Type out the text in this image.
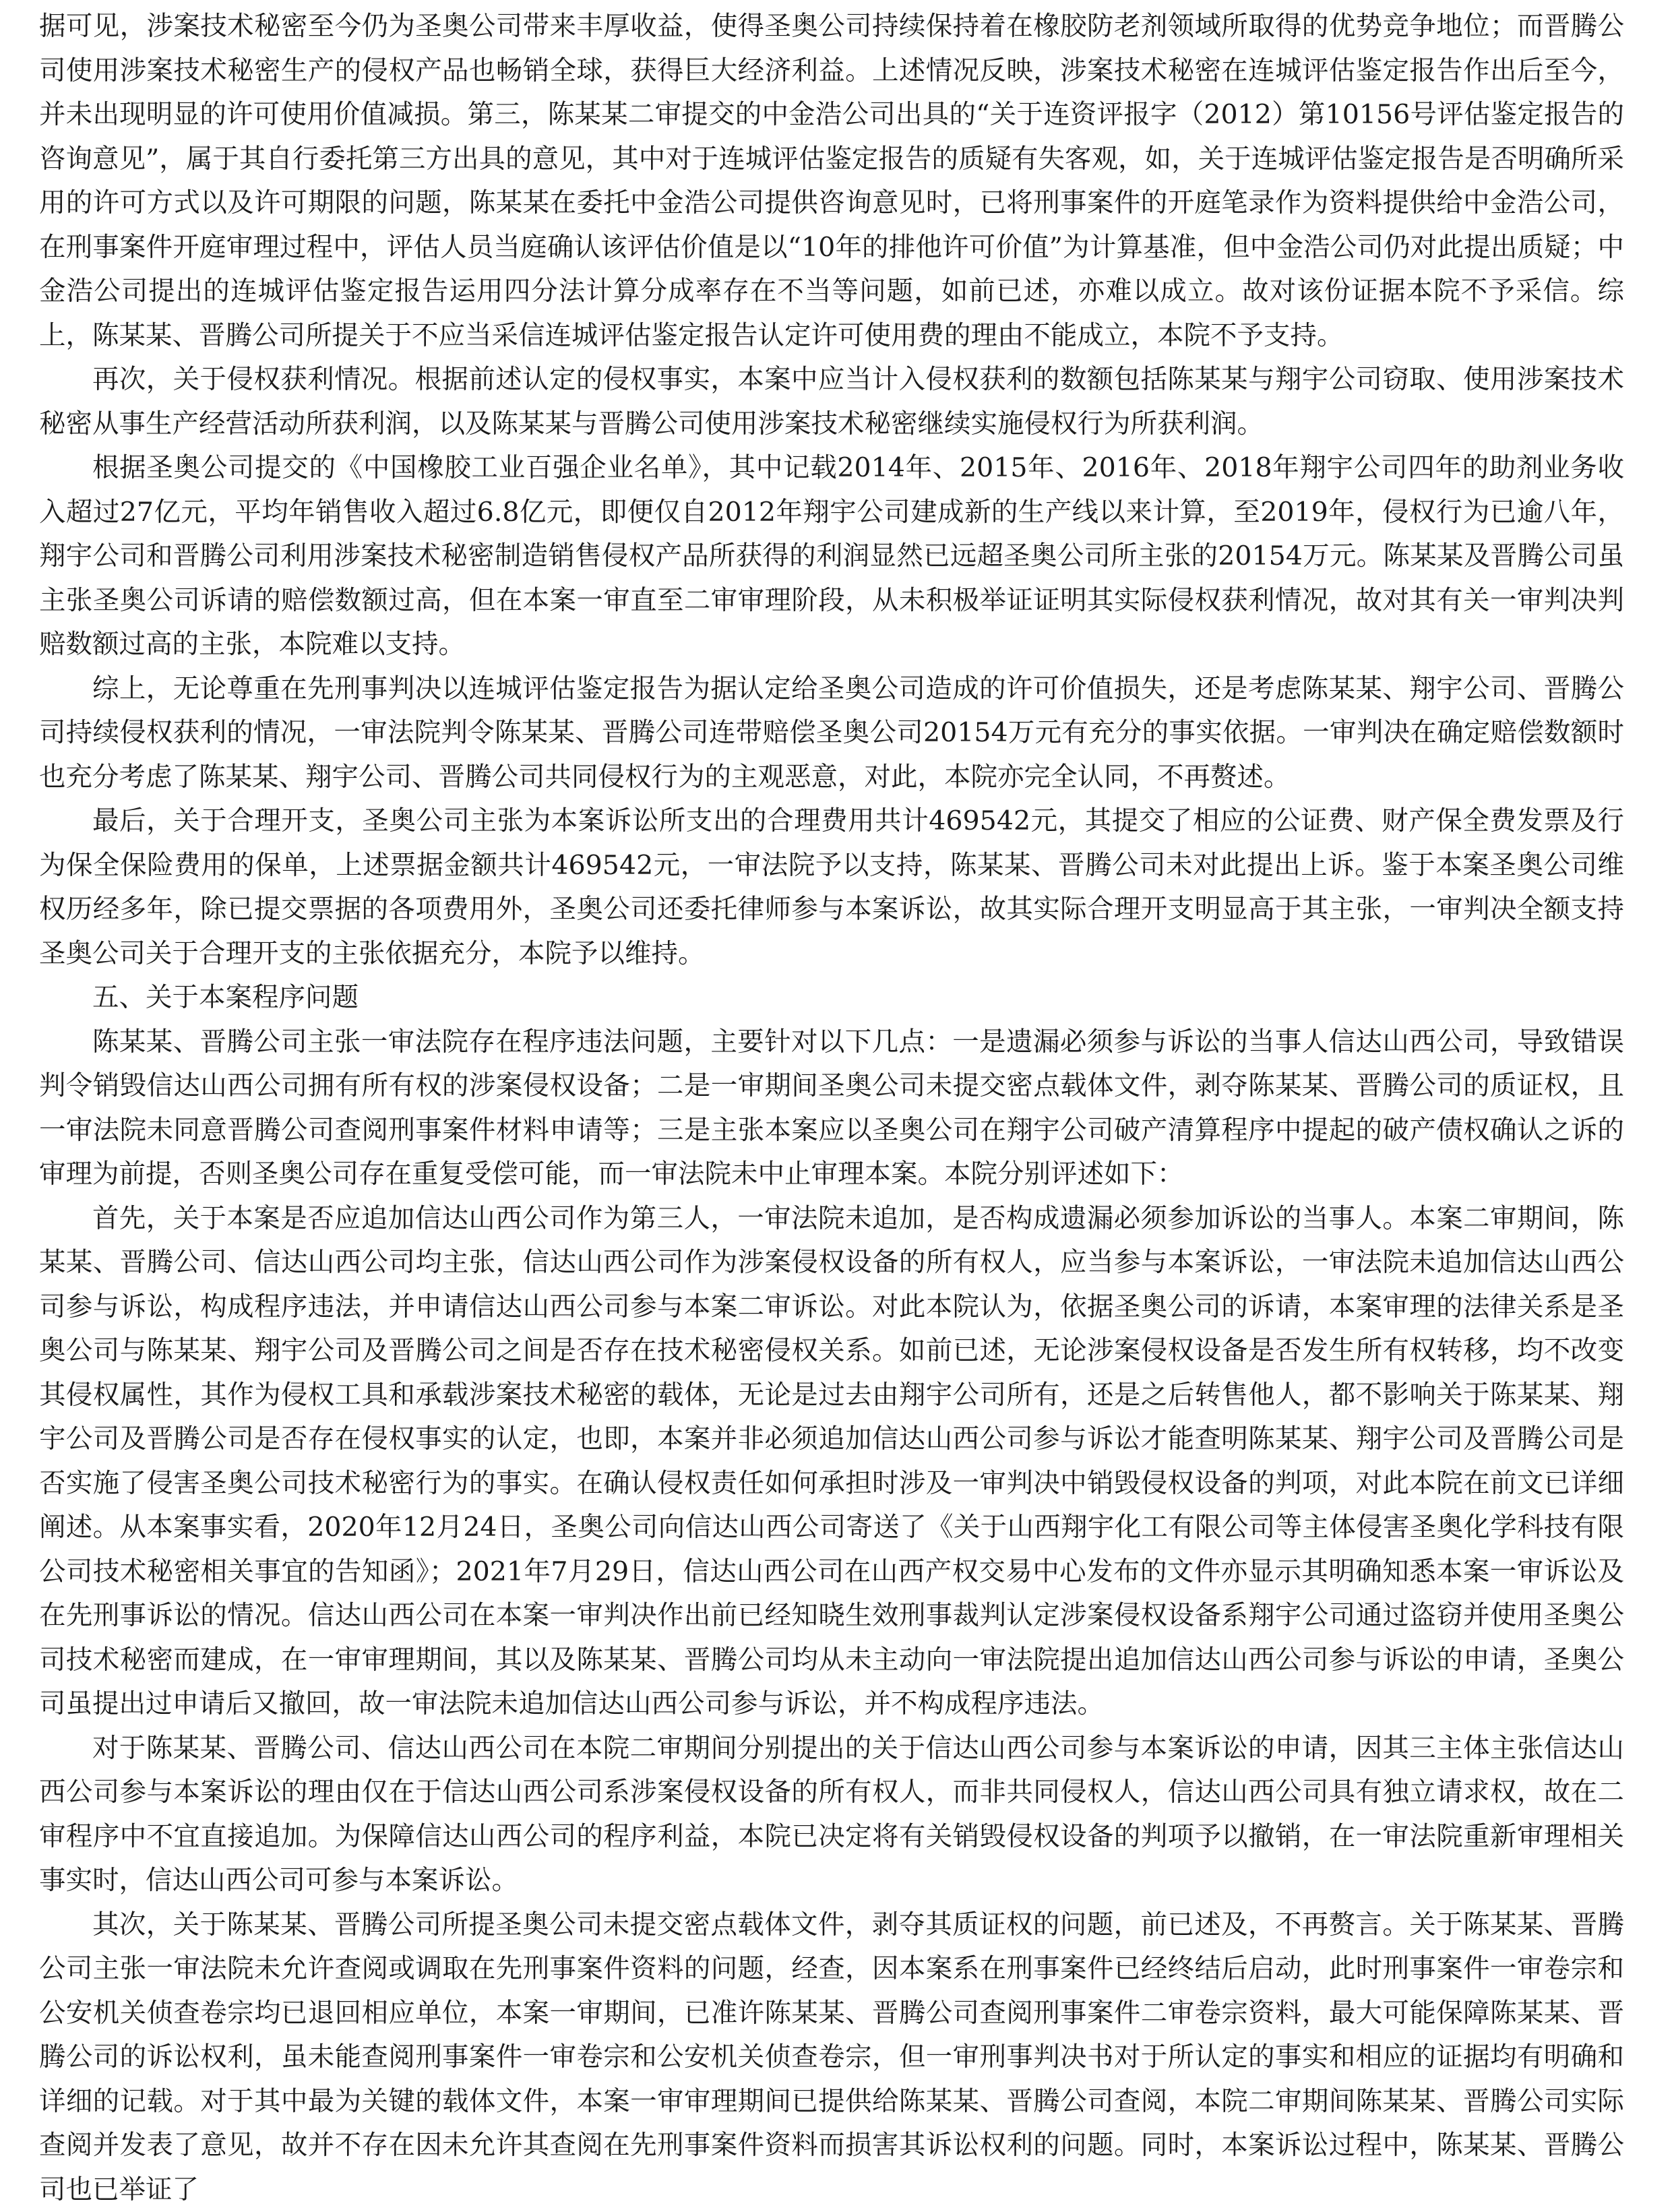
据可见，涉案技术秘密至今仍为圣奥公司带来丰厚收益，使得圣奥公司持续保持着在橡胶防老剂领域所取得的优势竞争地位；而晋腾公司使用涉案技术秘密生产的侵权产品也畅销全球，获得巨大经济利益。上述情况反映，涉案技术秘密在连城评估鉴定报告作出后至今，并未出现明显的许可使用价值减损。第三，陈某某二审提交的中金浩公司出具的“关于连资评报字（2012）第10156号评估鉴定报告的咨询意见”，属于其自行委托第三方出具的意见，其中对于连城评估鉴定报告的质疑有失客观，如，关于连城评估鉴定报告是否明确所采用的许可方式以及许可期限的问题，陈某某在委托中金浩公司提供咨询意见时，已将刑事案件的开庭笔录作为资料提供给中金浩公司，在刑事案件开庭审理过程中，评估人员当庭确认该评估价值是以“10年的排他许可价值”为计算基准，但中金浩公司仍对此提出质疑；中金浩公司提出的连城评估鉴定报告运用四分法计算分成率存在不当等问题，如前已述，亦难以成立。故对该份证据本院不予采信。综上，陈某某、晋腾公司所提关于不应当采信连城评估鉴定报告认定许可使用费的理由不能成立，本院不予支持。

再次，关于侵权获利情况。根据前述认定的侵权事实，本案中应当计入侵权获利的数额包括陈某某与翔宇公司窃取、使用涉案技术秘密从事生产经营活动所获利润，以及陈某某与晋腾公司使用涉案技术秘密继续实施侵权行为所获利润。

根据圣奥公司提交的《中国橡胶工业百强企业名单》，其中记载2014年、2015年、2016年、2018年翔宇公司四年的助剂业务收入超过27亿元，平均年销售收入超过6.8亿元，即便仅自2012年翔宇公司建成新的生产线以来计算，至2019年，侵权行为已逾八年，翔宇公司和晋腾公司利用涉案技术秘密制造销售侵权产品所获得的利润显然已远超圣奥公司所主张的20154万元。陈某某及晋腾公司虽主张圣奥公司诉请的赔偿数额过高，但在本案一审直至二审审理阶段，从未积极举证证明其实际侵权获利情况，故对其有关一审判决判赔数额过高的主张，本院难以支持。

综上，无论尊重在先刑事判决以连城评估鉴定报告为据认定给圣奥公司造成的许可价值损失，还是考虑陈某某、翔宇公司、晋腾公司持续侵权获利的情况，一审法院判令陈某某、晋腾公司连带赔偿圣奥公司20154万元有充分的事实依据。一审判决在确定赔偿数额时也充分考虑了陈某某、翔宇公司、晋腾公司共同侵权行为的主观恶意，对此，本院亦完全认同，不再赘述。

最后，关于合理开支，圣奥公司主张为本案诉讼所支出的合理费用共计469542元，其提交了相应的公证费、财产保全费发票及行为保全保险费用的保单，上述票据金额共计469542元，一审法院予以支持，陈某某、晋腾公司未对此提出上诉。鉴于本案圣奥公司维权历经多年，除已提交票据的各项费用外，圣奥公司还委托律师参与本案诉讼，故其实际合理开支明显高于其主张，一审判决全额支持圣奥公司关于合理开支的主张依据充分，本院予以维持。

五、关于本案程序问题

陈某某、晋腾公司主张一审法院存在程序违法问题，主要针对以下几点：一是遗漏必须参与诉讼的当事人信达山西公司，导致错误判令销毁信达山西公司拥有所有权的涉案侵权设备；二是一审期间圣奥公司未提交密点载体文件，剥夺陈某某、晋腾公司的质证权，且一审法院未同意晋腾公司查阅刑事案件材料申请等；三是主张本案应以圣奥公司在翔宇公司破产清算程序中提起的破产债权确认之诉的审理为前提，否则圣奥公司存在重复受偿可能，而一审法院未中止审理本案。本院分别评述如下：

首先，关于本案是否应追加信达山西公司作为第三人，一审法院未追加，是否构成遗漏必须参加诉讼的当事人。本案二审期间，陈某某、晋腾公司、信达山西公司均主张，信达山西公司作为涉案侵权设备的所有权人，应当参与本案诉讼，一审法院未追加信达山西公司参与诉讼，构成程序违法，并申请信达山西公司参与本案二审诉讼。对此本院认为，依据圣奥公司的诉请，本案审理的法律关系是圣奥公司与陈某某、翔宇公司及晋腾公司之间是否存在技术秘密侵权关系。如前已述，无论涉案侵权设备是否发生所有权转移，均不改变其侵权属性，其作为侵权工具和承载涉案技术秘密的载体，无论是过去由翔宇公司所有，还是之后转售他人，都不影响关于陈某某、翔宇公司及晋腾公司是否存在侵权事实的认定，也即，本案并非必须追加信达山西公司参与诉讼才能查明陈某某、翔宇公司及晋腾公司是否实施了侵害圣奥公司技术秘密行为的事实。在确认侵权责任如何承担时涉及一审判决中销毁侵权设备的判项，对此本院在前文已详细阐述。从本案事实看，2020年12月24日，圣奥公司向信达山西公司寄送了《关于山西翔宇化工有限公司等主体侵害圣奥化学科技有限公司技术秘密相关事宜的告知函》；2021年7月29日，信达山西公司在山西产权交易中心发布的文件亦显示其明确知悉本案一审诉讼及在先刑事诉讼的情况。信达山西公司在本案一审判决作出前已经知晓生效刑事裁判认定涉案侵权设备系翔宇公司通过盗窃并使用圣奥公司技术秘密而建成，在一审审理期间，其以及陈某某、晋腾公司均从未主动向一审法院提出追加信达山西公司参与诉讼的申请，圣奥公司虽提出过申请后又撤回，故一审法院未追加信达山西公司参与诉讼，并不构成程序违法。

对于陈某某、晋腾公司、信达山西公司在本院二审期间分别提出的关于信达山西公司参与本案诉讼的申请，因其三主体主张信达山西公司参与本案诉讼的理由仅在于信达山西公司系涉案侵权设备的所有权人，而非共同侵权人，信达山西公司具有独立请求权，故在二审程序中不宜直接追加。为保障信达山西公司的程序利益，本院已决定将有关销毁侵权设备的判项予以撤销，在一审法院重新审理相关事实时，信达山西公司可参与本案诉讼。

其次，关于陈某某、晋腾公司所提圣奥公司未提交密点载体文件，剥夺其质证权的问题，前已述及，不再赘言。关于陈某某、晋腾公司主张一审法院未允许查阅或调取在先刑事案件资料的问题，经查，因本案系在刑事案件已经终结后启动，此时刑事案件一审卷宗和公安机关侦查卷宗均已退回相应单位，本案一审期间，已准许陈某某、晋腾公司查阅刑事案件二审卷宗资料，最大可能保障陈某某、晋腾公司的诉讼权利，虽未能查阅刑事案件一审卷宗和公安机关侦查卷宗，但一审刑事判决书对于所认定的事实和相应的证据均有明确和详细的记载。对于其中最为关键的载体文件，本案一审审理期间已提供给陈某某、晋腾公司查阅，本院二审期间陈某某、晋腾公司实际查阅并发表了意见，故并不存在因未允许其查阅在先刑事案件资料而损害其诉讼权利的问题。同时，本案诉讼过程中，陈某某、晋腾公司也已举证了
